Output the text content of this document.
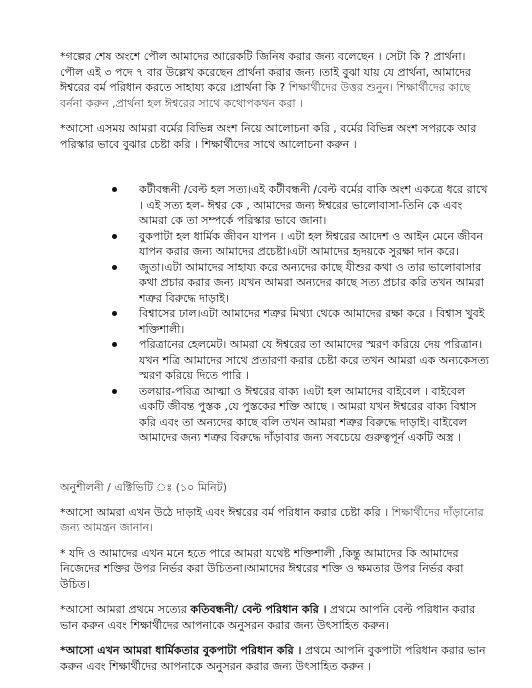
*গল্পের শেষ অংশে পৌল আমাদের আরেকটি জিনিষ করার জন্য বলেছেন । সেটা কি ? প্রার্থনা। পৌল এই ৩ পদে ৭ বার উল্লেখ করেছেন প্রার্থনা করার জন্য ।তাই বুঝা যায় যে প্রার্থনা, আমাদের ঈশ্বরের বর্ম পরিধান করতে সাহায্য করে ।প্রার্থনা কি ? শিক্ষার্থীদের উত্তর শুনুন। শিক্ষার্থীদের কাছে বর্ননা করুন ,প্রার্থনা হল ঈশ্বরের সাথে কথোপকথন করা ।

*আসো এসময় আমরা বর্মের বিভিন্ন অংশ নিয়ে আলোচনা করি , বর্মের বিভিন্ন অংশ সপরকে আর পরিস্কার ভাবে বুঝার চেষ্টা করি । শিক্ষার্থীদের সাথে আলোচনা করুন ।

কটীবন্ধনী /বেল্ট হল সত্য।এই কটীবন্ধনী /বেল্ট বর্মের বাকি অংশ একত্রে ধরে রাখে । এই সত্য হল- ঈশ্বর কে , আমাদের জন্য ঈশ্বরের ভালোবাসা-তিনি কে এবং আমরা কে তা সম্পর্কে পরিস্কার ভাবে জানা।
বুকপাটা হল ধার্মিক জীবন যাপন । এটা হল ঈশ্বরের আদেশ ও আইন মেনে জীবন যাপন করার জন্য আমাদের প্রচেষ্টা।এটা আমাদের হৃদয়কে সুরক্ষা দান করে।
জুতা।এটা আমাদের সাহায্য করে অন্যদের কাছে যীশুর কথা ও তার ভালোবাসার কথা প্রচার করার জন্য ।যখন আমরা অন্যদের কাছে সত্য প্রচার করি তখন আমরা শত্রুর বিরুদ্ধে দাড়াই।
বিশ্বাসের ঢাল।এটা আমাদের শত্রুর মিথ্যা থেকে আমাদের রক্ষা করে । বিশ্বাস খুবই শক্তিশালী।
পরিত্রানের হেলমেট। আমরা যে ঈশ্বরের তা আমাদের স্মরণ করিয়ে দেয় পরিত্রান। যখন শত্রি আমাদের সাথে প্রতারণা করার চেষ্টা করে তখন আমরা এক অন্যকেসত্য স্মরণ করিয়ে দিতে পারি ।
তলয়ার-পবিত্র আত্মা ও ঈশ্বরের বাক্য ।এটা হল আমাদের বাইবেল । বাইবেল একটি জীবন্ত পুস্তক ,যে পুস্তকের শক্তি আছে । আমরা যখন ঈশ্বরের বাক্য বিশ্বাস করি এবং তা অন্যদের কাছে বলি তখন আমরা শত্রুর বিরুদ্ধে দাড়াই। বাইবেল আমাদের জন্য শত্রুর বিরুদ্ধে দাঁড়াবার জন্য সবচেয়ে গুরুত্বপূর্ন একটি অস্ত্র ।

অনুশীলনী / এক্টিভিটি ঃ (১০ মিনিট)

*আসো আমরা এখন উঠে দাড়াই এবং ঈশ্বরের বর্ম পরিধান করার চেষ্টা করি । শিক্ষার্থীদের দাঁড়ানোর জন্য আমন্ত্রন জানান।

* যদি ও আমাদের এখন মনে হতে পারে আমরা যথেষ্ট শক্তিশালী ,কিন্তু আমাদের কি আমাদের নিজেদের শক্তির উপর নির্ভর করা উচিতনা।আমাদের ঈশ্বরের শক্তি ও ক্ষমতার উপর নির্ভর করা উচিত।

*আসো আমরা প্রথমে সত্যের কতিবন্ধনী/ বেল্ট পরিধান করি । প্রথমে আপনি বেল্ট পরিধান করার ভান করুন এবং শিক্ষার্থীদের আপনাকে অনুসরন করার জন্য উৎসাহিত করুন।

*আসো এখন আমরা ধার্মিকতার বুকপাটা পরিধান করি । প্রথমে আপনি বুকপাটা পরিধান করার ভান করুন এবং শিক্ষার্থীদের আপনাকে অনুসরন করার জন্য উৎসাহিত করুন ।
